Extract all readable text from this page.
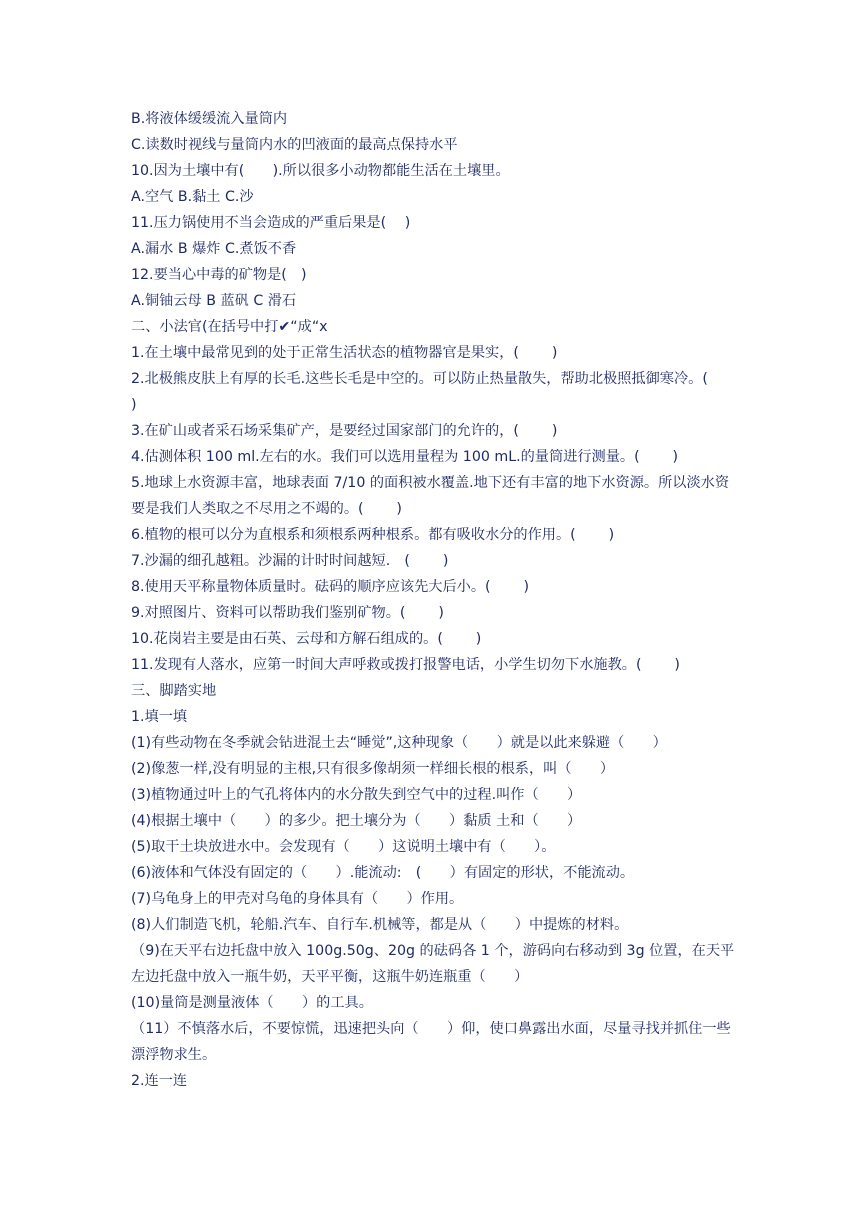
B.将液体缓缓流入量筒内
C.读数时视线与量筒内水的凹液面的最高点保持水平
10.因为土壤中有(　　).所以很多小动物都能生活在土壤里。
A.空气 B.黏土 C.沙
11.压力锅使用不当会造成的严重后果是(　 )
A.漏水 B 爆炸 C.煮饭不香
12.要当心中毒的矿物是(　)
A.铜铀云母 B 蓝矾 C 滑石
二、小法官(在括号中打✔“成“x
1.在土壤中最常见到的处于正常生活状态的植物器官是果实，(　　 )
2.北极熊皮肤上有厚的长毛.这些长毛是中空的。可以防止热量散失，帮助北极照抵御寒冷。(　　 )
3.在矿山或者采石场采集矿产，是要经过国家部门的允许的，(　　 )
4.估测体积 100 ml.左右的水。我们可以选用量程为 100 mL.的量筒进行测量。(　　 )
5.地球上水资源丰富，地球表面 7/10 的面积被水覆盖.地下还有丰富的地下水资源。所以淡水资要是我们人类取之不尽用之不竭的。(　　 )
6.植物的根可以分为直根系和须根系两种根系。都有吸收水分的作用。(　　 )
7.沙漏的细孔越粗。沙漏的计时时间越短.　(　　 )
8.使用天平称量物体质量时。砝码的顺序应该先大后小。(　　 )
9.对照图片、资料可以帮助我们鉴别矿物。(　　 )
10.花岗岩主要是由石英、云母和方解石组成的。(　　 )
11.发现有人落水，应第一时间大声呼救或拨打报警电话，小学生切勿下水施教。(　　 )
三、脚踏实地
1.填一填
(1)有些动物在冬季就会钻进混土去“睡觉”,这种现象（　　）就是以此来躲避（　　）
(2)像葱一样,没有明显的主根,只有很多像胡须一样细长根的根系，叫（　　）
(3)植物通过叶上的气孔将体内的水分散失到空气中的过程.叫作（　　）
(4)根据土壤中（　　）的多少。把土壤分为（　　）黏质 土和（　　）
(5)取干土块放进水中。会发现有（　　）这说明土壤中有（　　）。
(6)液体和气体没有固定的（　　）.能流动:　(　　）有固定的形状，不能流动。
(7)乌龟身上的甲壳对乌龟的身体具有（　　）作用。
(8)人们制造飞机，轮船.汽车、自行车.机械等，都是从（　　）中提炼的材料。
（9)在天平右边托盘中放入 100g.50g、20g 的砝码各 1 个，游码向右移动到 3g 位置，在天平左边托盘中放入一瓶牛奶，天平平衡，这瓶牛奶连瓶重（　　）
(10)量筒是测量液体（　　）的工具。
（11）不慎落水后，不要惊慌，迅速把头向（　　）仰，使口鼻露出水面，尽量寻找并抓住一些漂浮物求生。
2.连一连
